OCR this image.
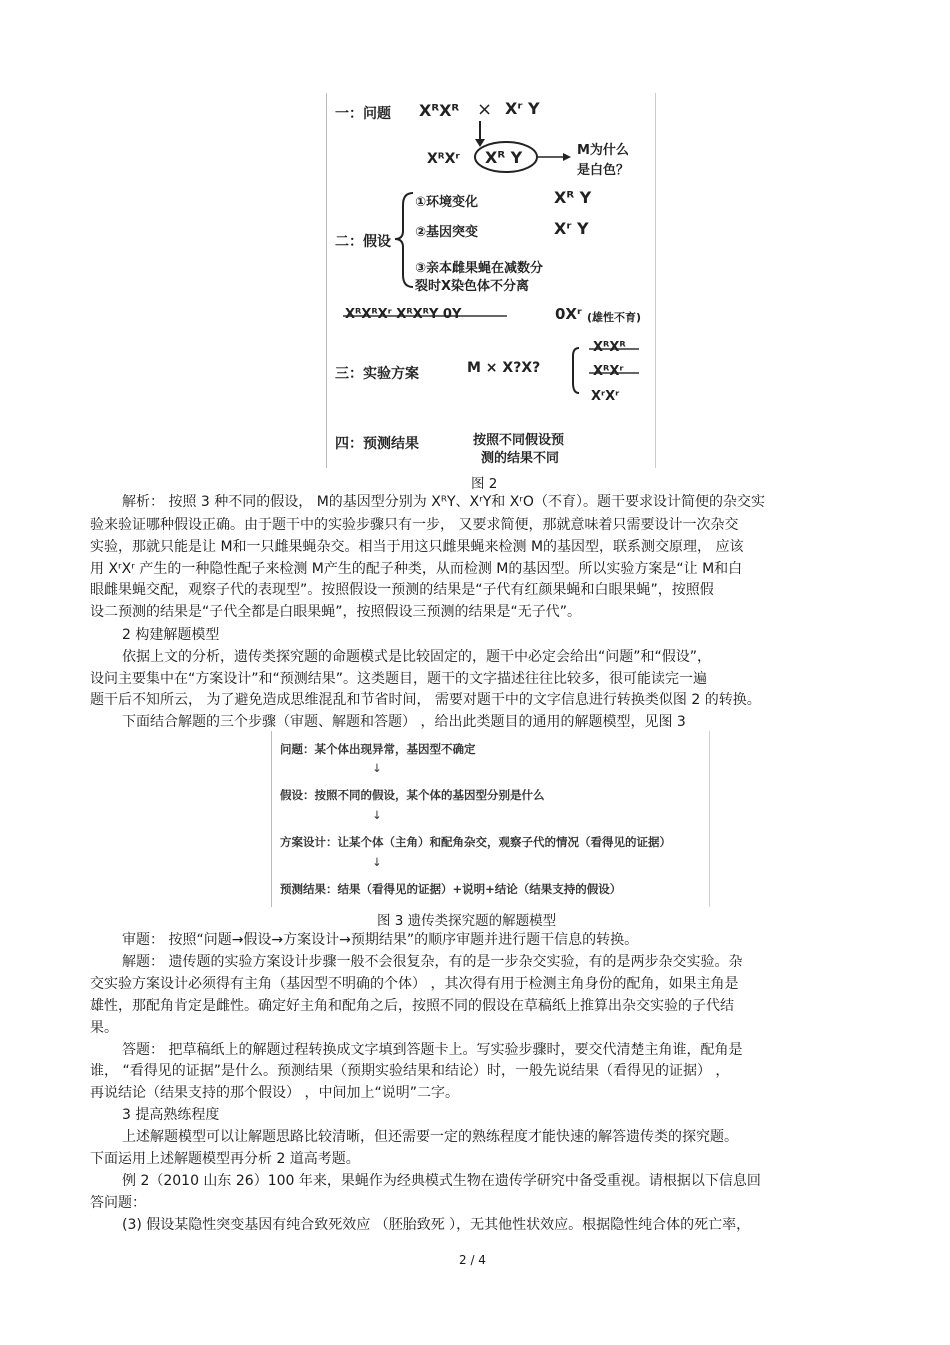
一：问题 XᴿXᴿ × Xʳ Y
XᴿXʳ Xᴿ Y	M为什么
是白色？
二：假设
①环境变化	Xᴿ Y
②基因突变	Xʳ Y
③亲本雌果蝇在减数分
裂时X染色体不分离
XᴿXᴿXʳ XᴿXᴿY 0Y	0Xʳ (雄性不育)
三：实验方案	M × X?X?
XᴿXᴿ
XᴿXʳ
XʳXʳ
四：预测结果	按照不同假设预
测的结果不同
图 2
解析： 按照 3 种不同的假设， M的基因型分别为 XᴿY、XʳY和 XʳO（不育）。题干要求设计简便的杂交实
验来验证哪种假设正确。由于题干中的实验步骤只有一步， 又要求简便，那就意味着只需要设计一次杂交
实验，那就只能是让 M和一只雌果蝇杂交。相当于用这只雌果蝇来检测 M的基因型，联系测交原理， 应该
用 XʳXʳ 产生的一种隐性配子来检测 M产生的配子种类，从而检测 M的基因型。所以实验方案是“让 M和白
眼雌果蝇交配，观察子代的表现型”。按照假设一预测的结果是“子代有红颜果蝇和白眼果蝇”，按照假
设二预测的结果是“子代全都是白眼果蝇”，按照假设三预测的结果是“无子代”。
2 构建解题模型
依据上文的分析，遗传类探究题的命题模式是比较固定的，题干中必定会给出“问题”和“假设”，
设问主要集中在“方案设计”和“预测结果”。这类题目，题干的文字描述往往比较多，很可能读完一遍
题干后不知所云， 为了避免造成思维混乱和节省时间， 需要对题干中的文字信息进行转换类似图 2 的转换。
下面结合解题的三个步骤（审题、解题和答题） ，给出此类题目的通用的解题模型，见图 3
问题：某个体出现异常，基因型不确定
↓
假设：按照不同的假设，某个体的基因型分别是什么
↓
方案设计：让某个体（主角）和配角杂交，观察子代的情况（看得见的证据）
↓
预测结果：结果（看得见的证据）+说明+结论（结果支持的假设）
图 3 遗传类探究题的解题模型
审题： 按照“问题→假设→方案设计→预期结果”的顺序审题并进行题干信息的转换。
解题： 遗传题的实验方案设计步骤一般不会很复杂，有的是一步杂交实验，有的是两步杂交实验。杂
交实验方案设计必须得有主角（基因型不明确的个体） ，其次得有用于检测主角身份的配角，如果主角是
雄性，那配角肯定是雌性。确定好主角和配角之后，按照不同的假设在草稿纸上推算出杂交实验的子代结
果。
答题： 把草稿纸上的解题过程转换成文字填到答题卡上。写实验步骤时，要交代清楚主角谁，配角是
谁， “看得见的证据”是什么。预测结果（预期实验结果和结论）时，一般先说结果（看得见的证据） ，
再说结论（结果支持的那个假设） ，中间加上“说明”二字。
3 提高熟练程度
上述解题模型可以让解题思路比较清晰，但还需要一定的熟练程度才能快速的解答遗传类的探究题。
下面运用上述解题模型再分析 2 道高考题。
例 2（2010 山东 26）100 年来，果蝇作为经典模式生物在遗传学研究中备受重视。请根据以下信息回
答问题：
(3) 假设某隐性突变基因有纯合致死效应 （胚胎致死 ），无其他性状效应。根据隐性纯合体的死亡率，
2 / 4
